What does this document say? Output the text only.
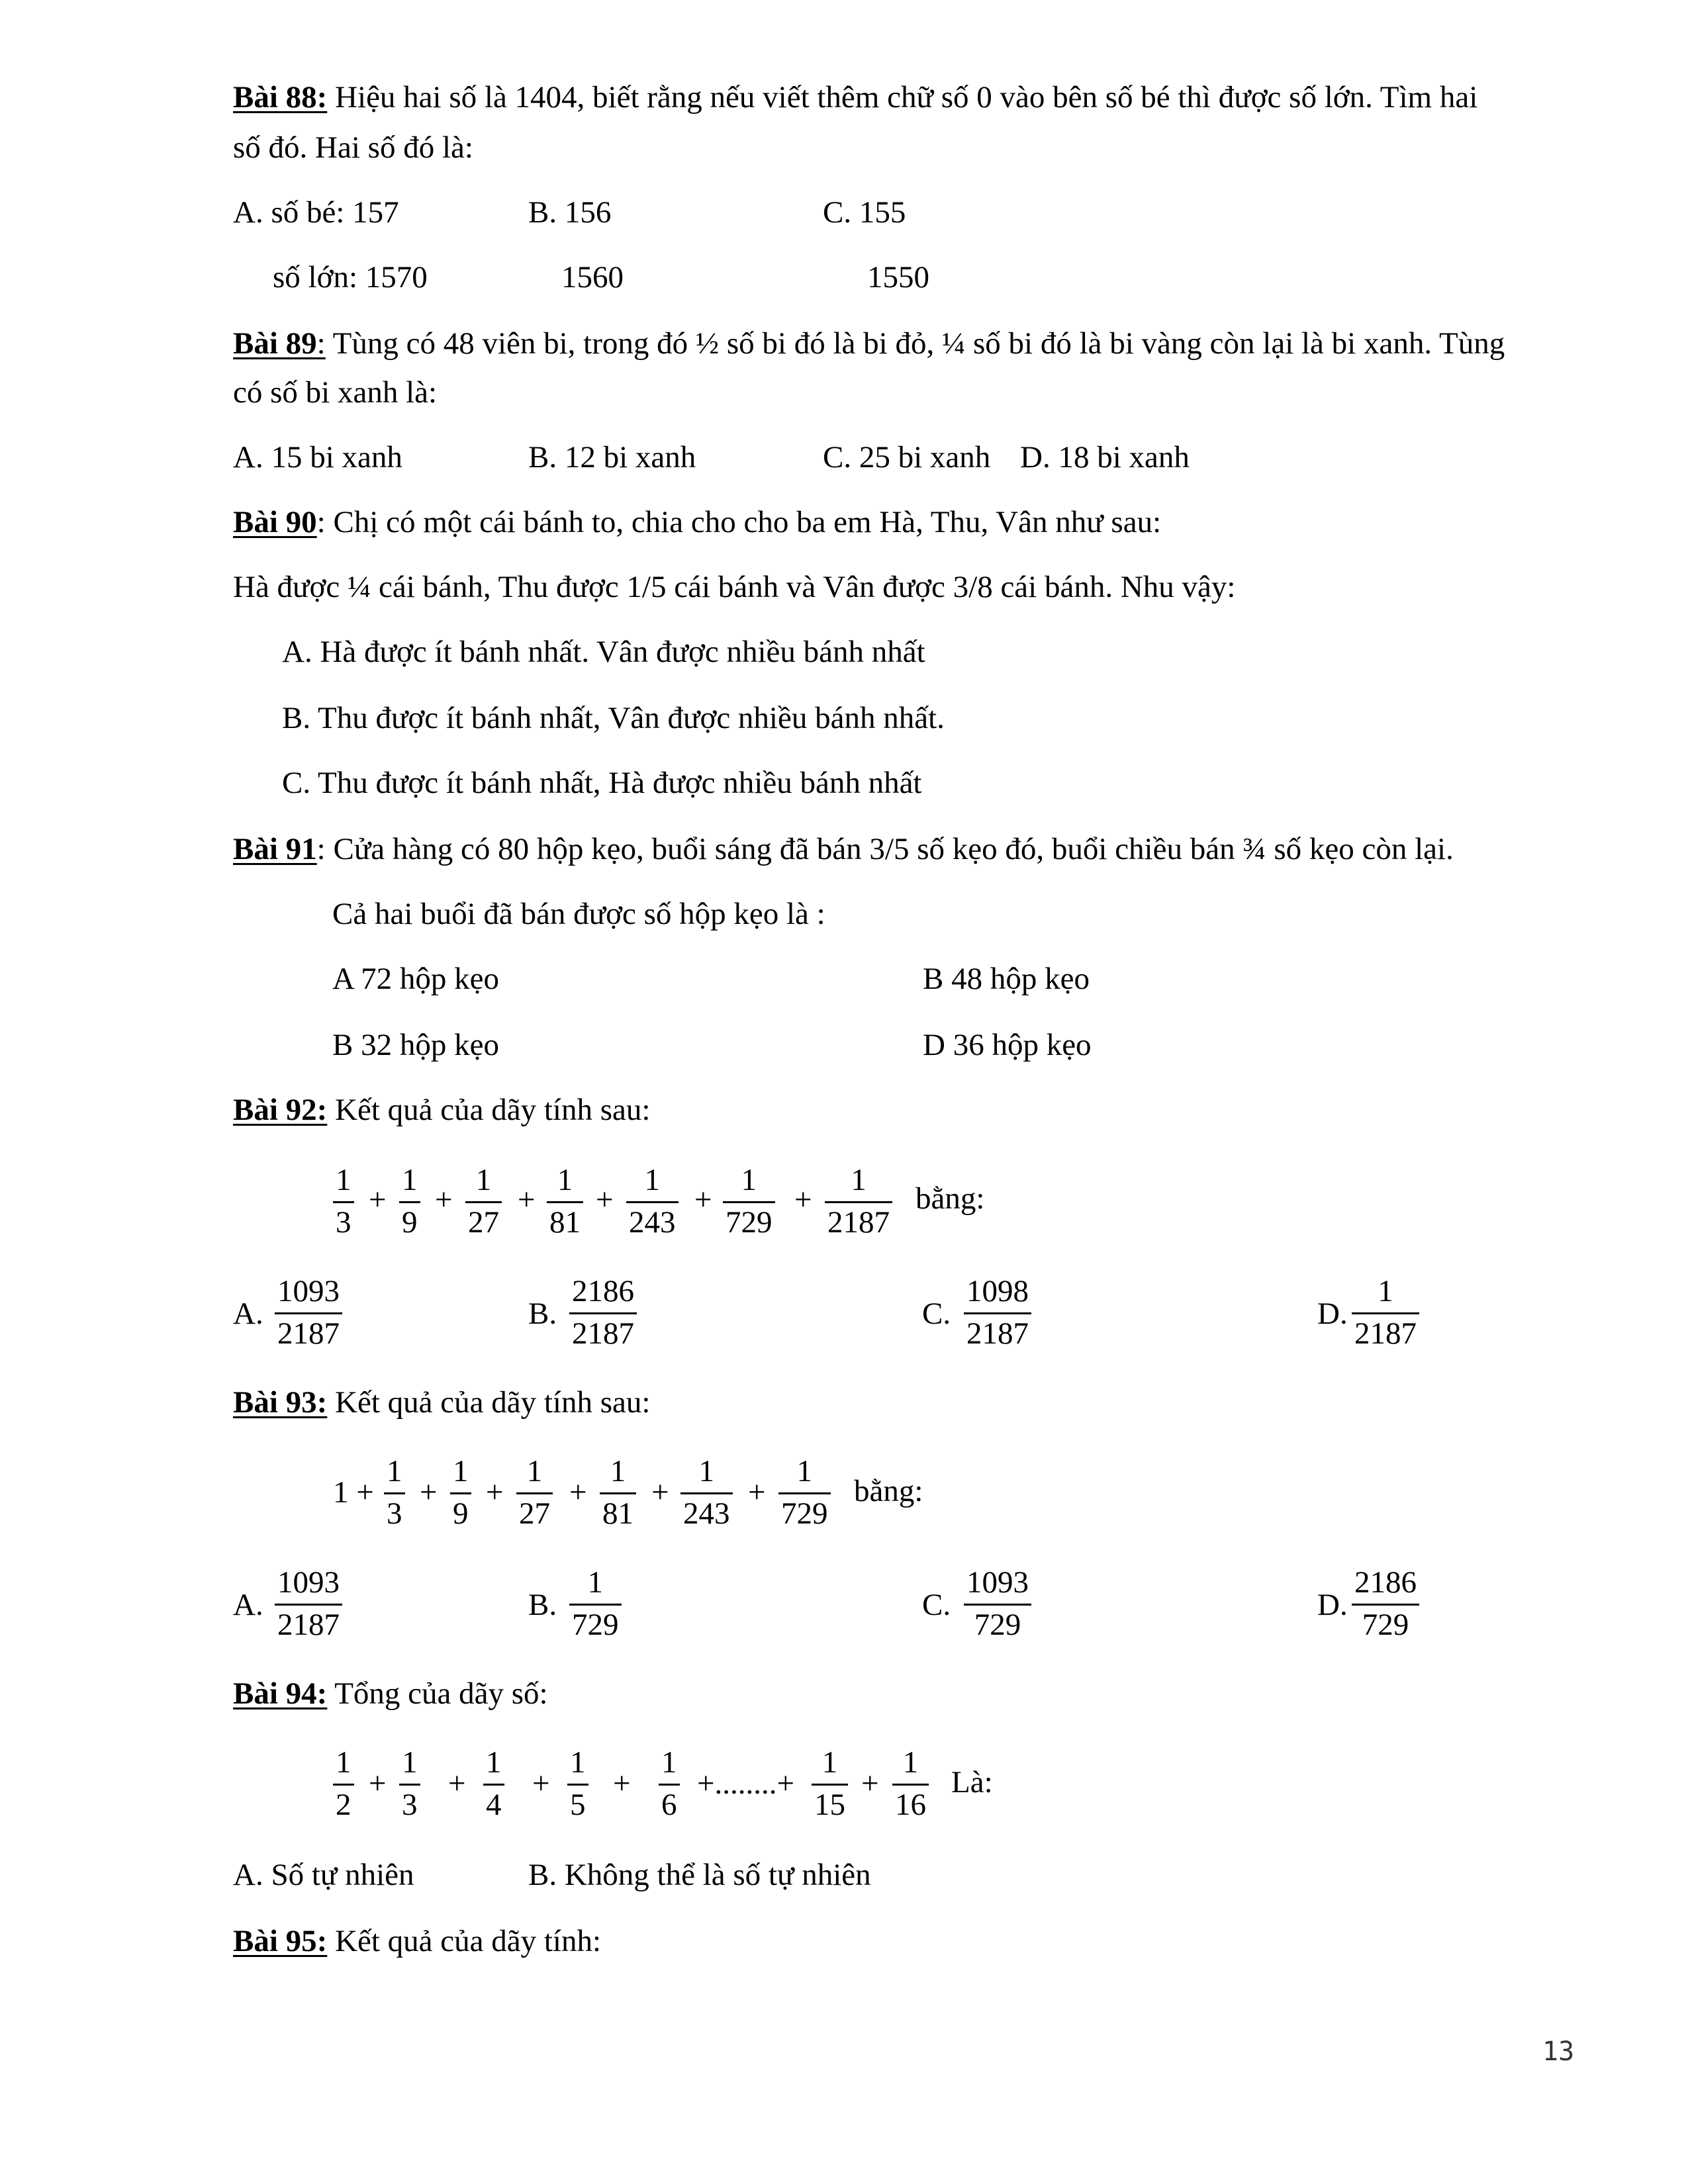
Bài 88: Hiệu hai số là 1404, biết rằng nếu viết thêm chữ số 0 vào bên số bé thì được số lớn. Tìm hai
số đó. Hai số đó là:
A. số bé: 157	B. 156	C. 155
số lớn: 1570	1560	1550
Bài 89: Tùng có 48 viên bi, trong đó ½ số bi đó là bi đỏ, ¼ số bi đó là bi vàng còn lại là bi xanh. Tùng
có số bi xanh là:
A. 15 bi xanh	B. 12 bi xanh	C. 25 bi xanh D. 18 bi xanh
Bài 90: Chị có một cái bánh to, chia cho cho ba em Hà, Thu, Vân như sau:
Hà được ¼ cái bánh, Thu được 1/5 cái bánh và Vân được 3/8 cái bánh. Nhu vậy:
A. Hà được ít bánh nhất. Vân được nhiều bánh nhất
B. Thu được ít bánh nhất, Vân được nhiều bánh nhất.
C. Thu được ít bánh nhất, Hà được nhiều bánh nhất
Bài 91: Cửa hàng có 80 hộp kẹo, buổi sáng đã bán 3/5 số kẹo đó, buổi chiều bán ¾ số kẹo còn lại.
Cả hai buổi đã bán được số hộp kẹo là :
A 72 hộp kẹo	B 48 hộp kẹo
B 32 hộp kẹo	D 36 hộp kẹo
Bài 92: Kết quả của dãy tính sau:
1
3
+
1
9
+
1
27
+
1
81
+
1
243
+
1
729
+
1
2187
bằng:
A.
1093
2187
B.
2186
2187
C.
1098
2187
D.
1
2187
Bài 93: Kết quả của dãy tính sau:
1 +
1
3
+
1
9
+
1
27
+
1
81
+
1
243
+
1
729
bằng:
A.
1093
2187
B.
1
729
C.
1093
729
D.
2186
729
Bài 94: Tổng của dãy số:
1
2
+
1
3
+
1
4
+
1
5
+
1
6
+........+
1
15
+
1
16
Là:
A. Số tự nhiên	B. Không thể là số tự nhiên
Bài 95: Kết quả của dãy tính:
13
